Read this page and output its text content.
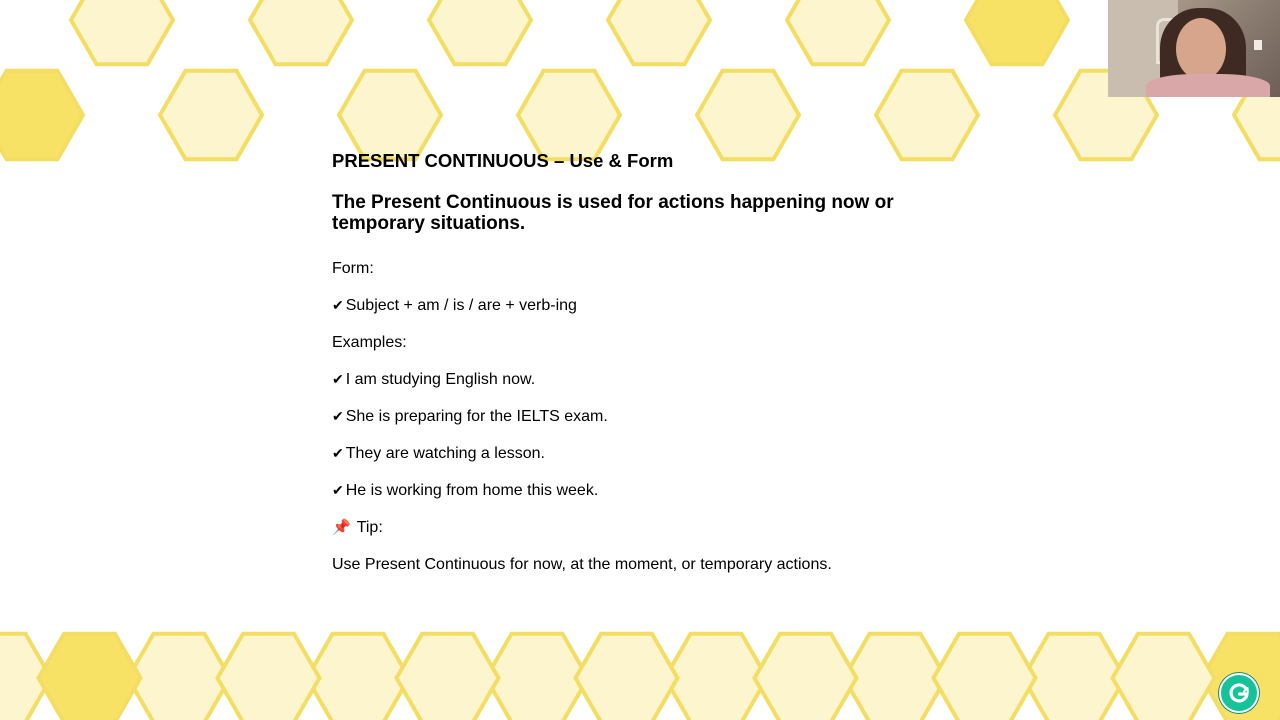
PRESENT CONTINUOUS – Use & Form
The Present Continuous is used for actions happening now or
temporary situations.
Form:
✔ Subject + am / is / are + verb-ing
Examples:
✔ I am studying English now.
✔ She is preparing for the IELTS exam.
✔ They are watching a lesson.
✔ He is working from home this week.
📌 Tip:
Use Present Continuous for now, at the moment, or temporary actions.
